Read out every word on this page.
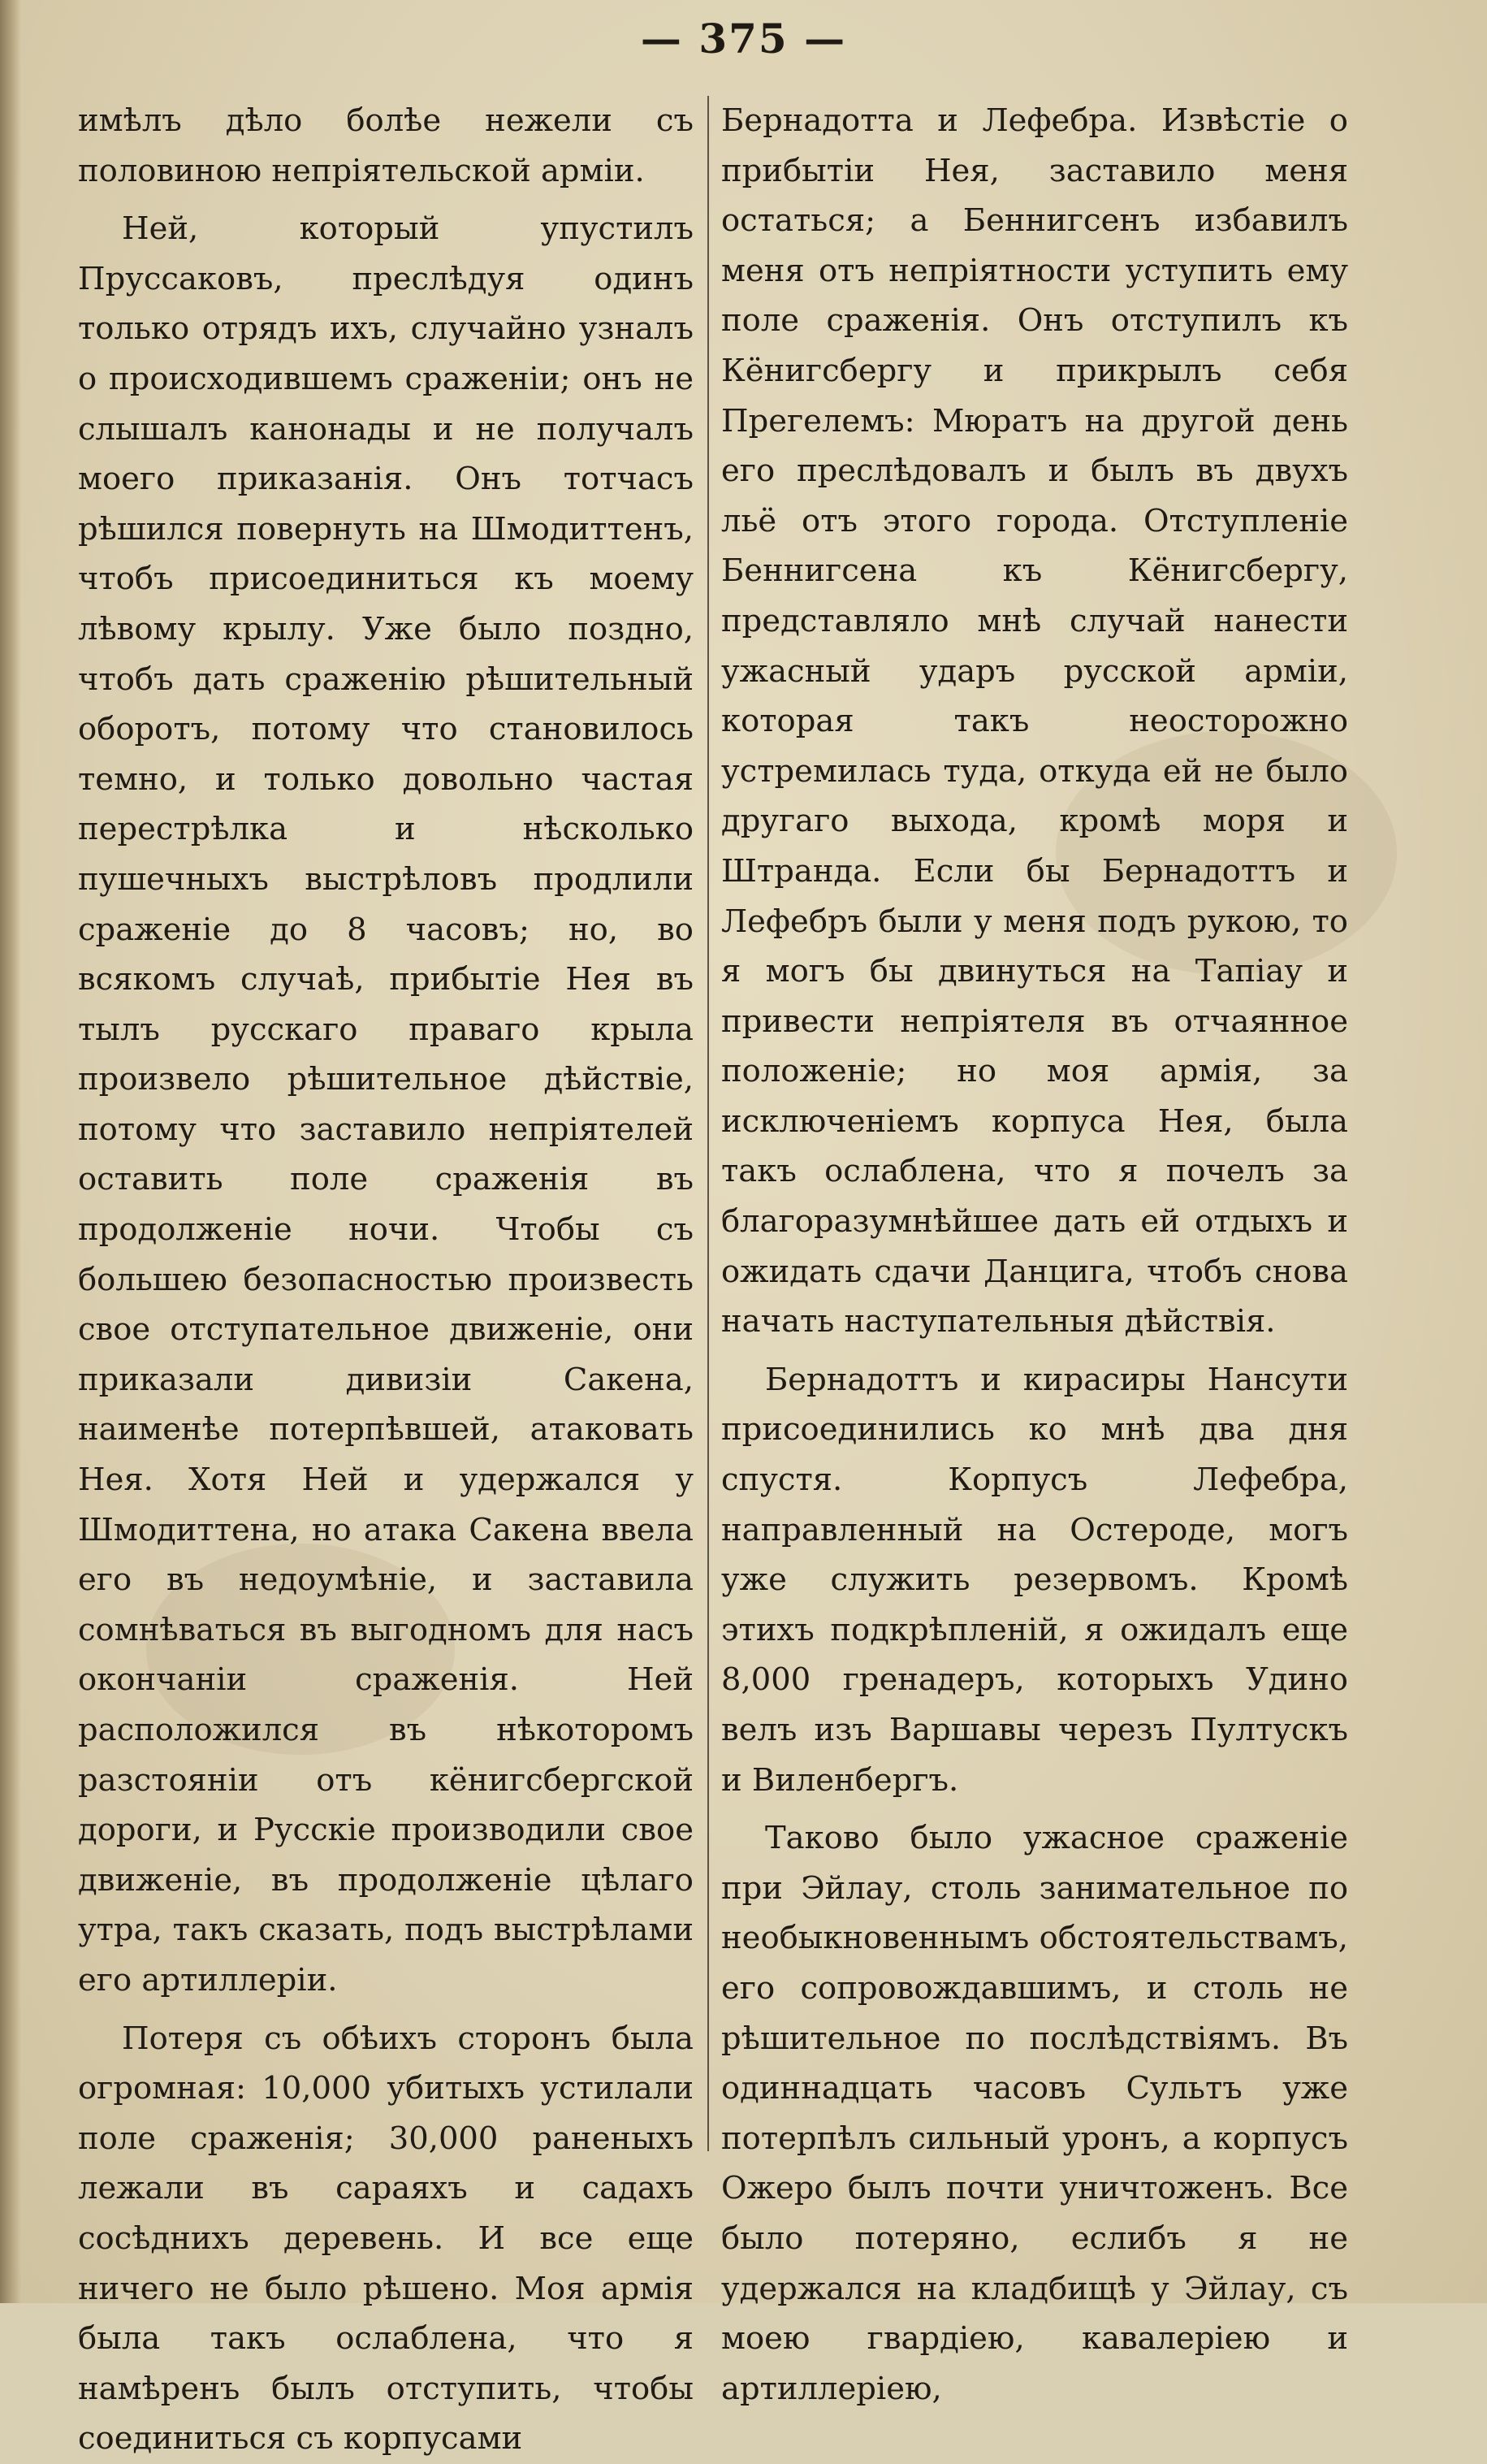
— 375 —

имѣлъ дѣло болѣе нежели съ половиною непріятельской арміи.

Ней, который упустилъ Пруссаковъ, преслѣдуя одинъ только отрядъ ихъ, случайно узналъ о происходившемъ сраженіи; онъ не слышалъ канонады и не получалъ моего приказанія. Онъ тотчасъ рѣшился повернуть на Шмодиттенъ, чтобъ присоединиться къ моему лѣвому крылу. Уже было поздно, чтобъ дать сраженію рѣшительный оборотъ, потому что становилось темно, и только довольно частая перестрѣлка и нѣсколько пушечныхъ выстрѣловъ продлили сраженіе до 8 часовъ; но, во всякомъ случаѣ, прибытіе Нея въ тылъ русскаго праваго крыла произвело рѣшительное дѣйствіе, потому что заставило непріятелей оставить поле сраженія въ продолженіе ночи. Чтобы съ большею безопасностью произвесть свое отступательное движеніе, они приказали дивизіи Сакена, наименѣе потерпѣвшей, атаковать Нея. Хотя Ней и удержался у Шмодиттена, но атака Сакена ввела его въ недоумѣніе, и заставила сомнѣваться въ выгодномъ для насъ окончаніи сраженія. Ней расположился въ нѣкоторомъ разстояніи отъ кёнигсбергской дороги, и Русскіе производили свое движеніе, въ продолженіе цѣлаго утра, такъ сказать, подъ выстрѣлами его артиллеріи.

Потеря съ обѣихъ сторонъ была огромная: 10,000 убитыхъ устилали поле сраженія; 30,000 раненыхъ лежали въ сараяхъ и садахъ сосѣднихъ деревень. И все еще ничего не было рѣшено. Моя армія была такъ ослаблена, что я намѣренъ былъ отступить, чтобы соединиться съ корпусами

Бернадотта и Лефебра. Извѣстіе о прибытіи Нея, заставило меня остаться; а Беннигсенъ избавилъ меня отъ непріятности уступить ему поле сраженія. Онъ отступилъ къ Кёнигсбергу и прикрылъ себя Прегелемъ: Мюратъ на другой день его преслѣдовалъ и былъ въ двухъ льё отъ этого города. Отступленіе Беннигсена къ Кёнигсбергу, представляло мнѣ случай нанести ужасный ударъ русской арміи, которая такъ неосторожно устремилась туда, откуда ей не было другаго выхода, кромѣ моря и Штранда. Если бы Бернадоттъ и Лефебръ были у меня подъ рукою, то я могъ бы двинуться на Тапіау и привести непріятеля въ отчаянное положеніе; но моя армія, за исключеніемъ корпуса Нея, была такъ ослаблена, что я почелъ за благоразумнѣйшее дать ей отдыхъ и ожидать сдачи Данцига, чтобъ снова начать наступательныя дѣйствія.

Бернадоттъ и кирасиры Нансути присоединились ко мнѣ два дня спустя. Корпусъ Лефебра, направленный на Остероде, могъ уже служить резервомъ. Кромѣ этихъ подкрѣпленій, я ожидалъ еще 8,000 гренадеръ, которыхъ Удино велъ изъ Варшавы черезъ Пултускъ и Виленбергъ.

Таково было ужасное сраженіе при Эйлау, столь занимательное по необыкновеннымъ обстоятельствамъ, его сопровождавшимъ, и столь не рѣшительное по послѣдствіямъ. Въ одиннадцать часовъ Сультъ уже потерпѣлъ сильный уронъ, а корпусъ Ожеро былъ почти уничтоженъ. Все было потеряно, еслибъ я не удержался на кладбищѣ у Эйлау, съ моею гвардіею, кавалеріею и артиллеріею,
